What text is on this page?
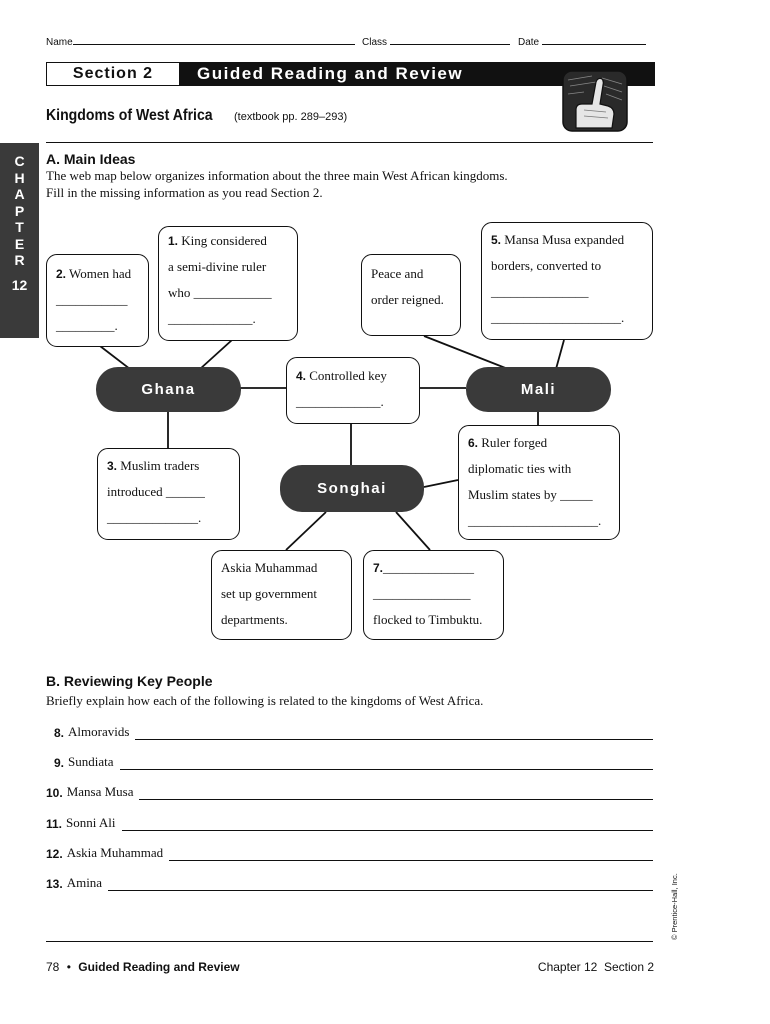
Name	Class	Date
Section 2	Guided Reading and Review
Kingdoms of West Africa (textbook pp. 289–293)
C
H
A
P
T
E
R
12
A. Main Ideas
The web map below organizes information about the three main West African kingdoms.
Fill in the missing information as you read Section 2.
Ghana	Mali
Songhai
1. King considered
a semi-divine ruler
who ____________
_____________.
2. Women had
___________
_________.
3. Muslim traders
introduced ______
______________.
4. Controlled key
_____________.
5. Mansa Musa expanded
borders, converted to
_______________
____________________.
Peace and
order reigned.
6. Ruler forged
diplomatic ties with
Muslim states by _____
____________________.
Askia Muhammad
set up government
departments.
7.______________
_______________
flocked to Timbuktu.
B. Reviewing Key People
Briefly explain how each of the following is related to the kingdoms of West Africa.
8. Almoravids
9. Sundiata
10. Mansa Musa
11. Sonni Ali
12. Askia Muhammad
13. Amina	© Prentice-Hall, Inc.
78 • Guided Reading and Review	Chapter 12  Section 2
